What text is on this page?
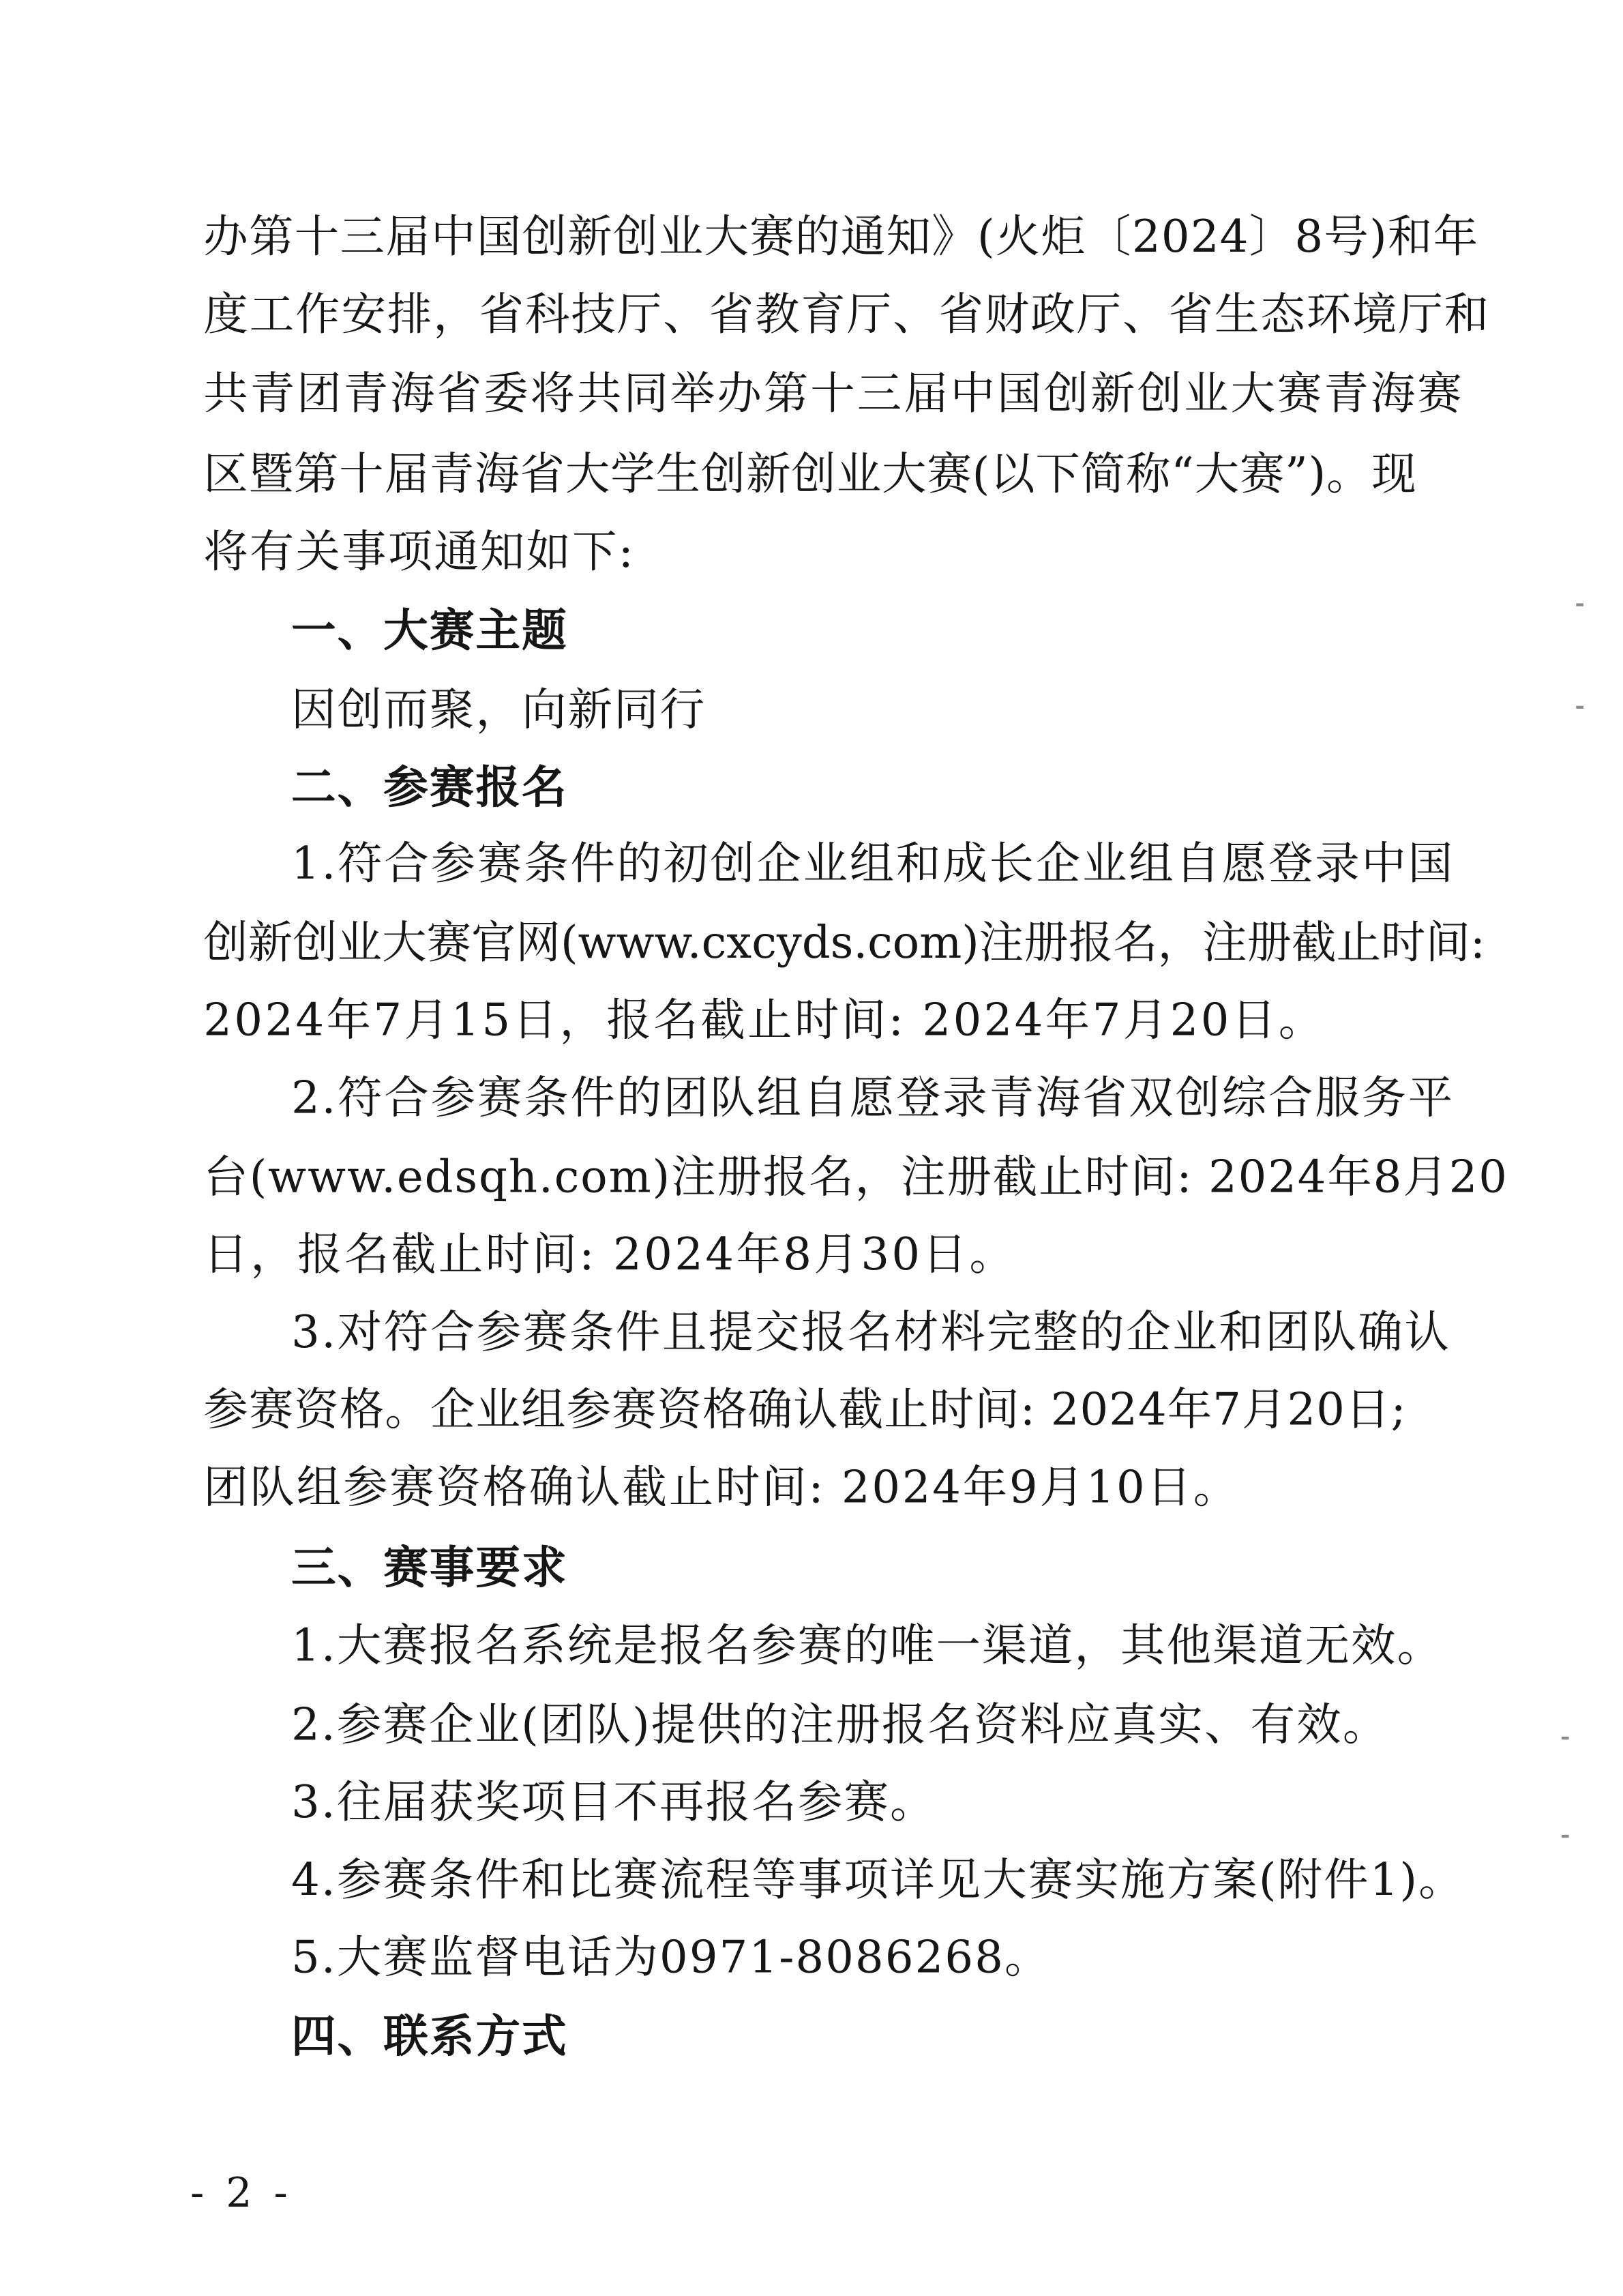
办第十三届中国创新创业大赛的通知》(火炬〔2024〕8号)和年
度工作安排，省科技厅、省教育厅、省财政厅、省生态环境厅和
共青团青海省委将共同举办第十三届中国创新创业大赛青海赛
区暨第十届青海省大学生创新创业大赛(以下简称“大赛”)。现
将有关事项通知如下:
一、大赛主题
因创而聚，向新同行
二、参赛报名
1.符合参赛条件的初创企业组和成长企业组自愿登录中国
创新创业大赛官网(www.cxcyds.com)注册报名，注册截止时间:
2024年7月15日，报名截止时间: 2024年7月20日。
2.符合参赛条件的团队组自愿登录青海省双创综合服务平
台(www.edsqh.com)注册报名，注册截止时间: 2024年8月20
日，报名截止时间: 2024年8月30日。
3.对符合参赛条件且提交报名材料完整的企业和团队确认
参赛资格。企业组参赛资格确认截止时间: 2024年7月20日;
团队组参赛资格确认截止时间: 2024年9月10日。
三、赛事要求
1.大赛报名系统是报名参赛的唯一渠道，其他渠道无效。
2.参赛企业(团队)提供的注册报名资料应真实、有效。
3.往届获奖项目不再报名参赛。
4.参赛条件和比赛流程等事项详见大赛实施方案(附件1)。
5.大赛监督电话为0971-8086268。
四、联系方式
- 2 -
